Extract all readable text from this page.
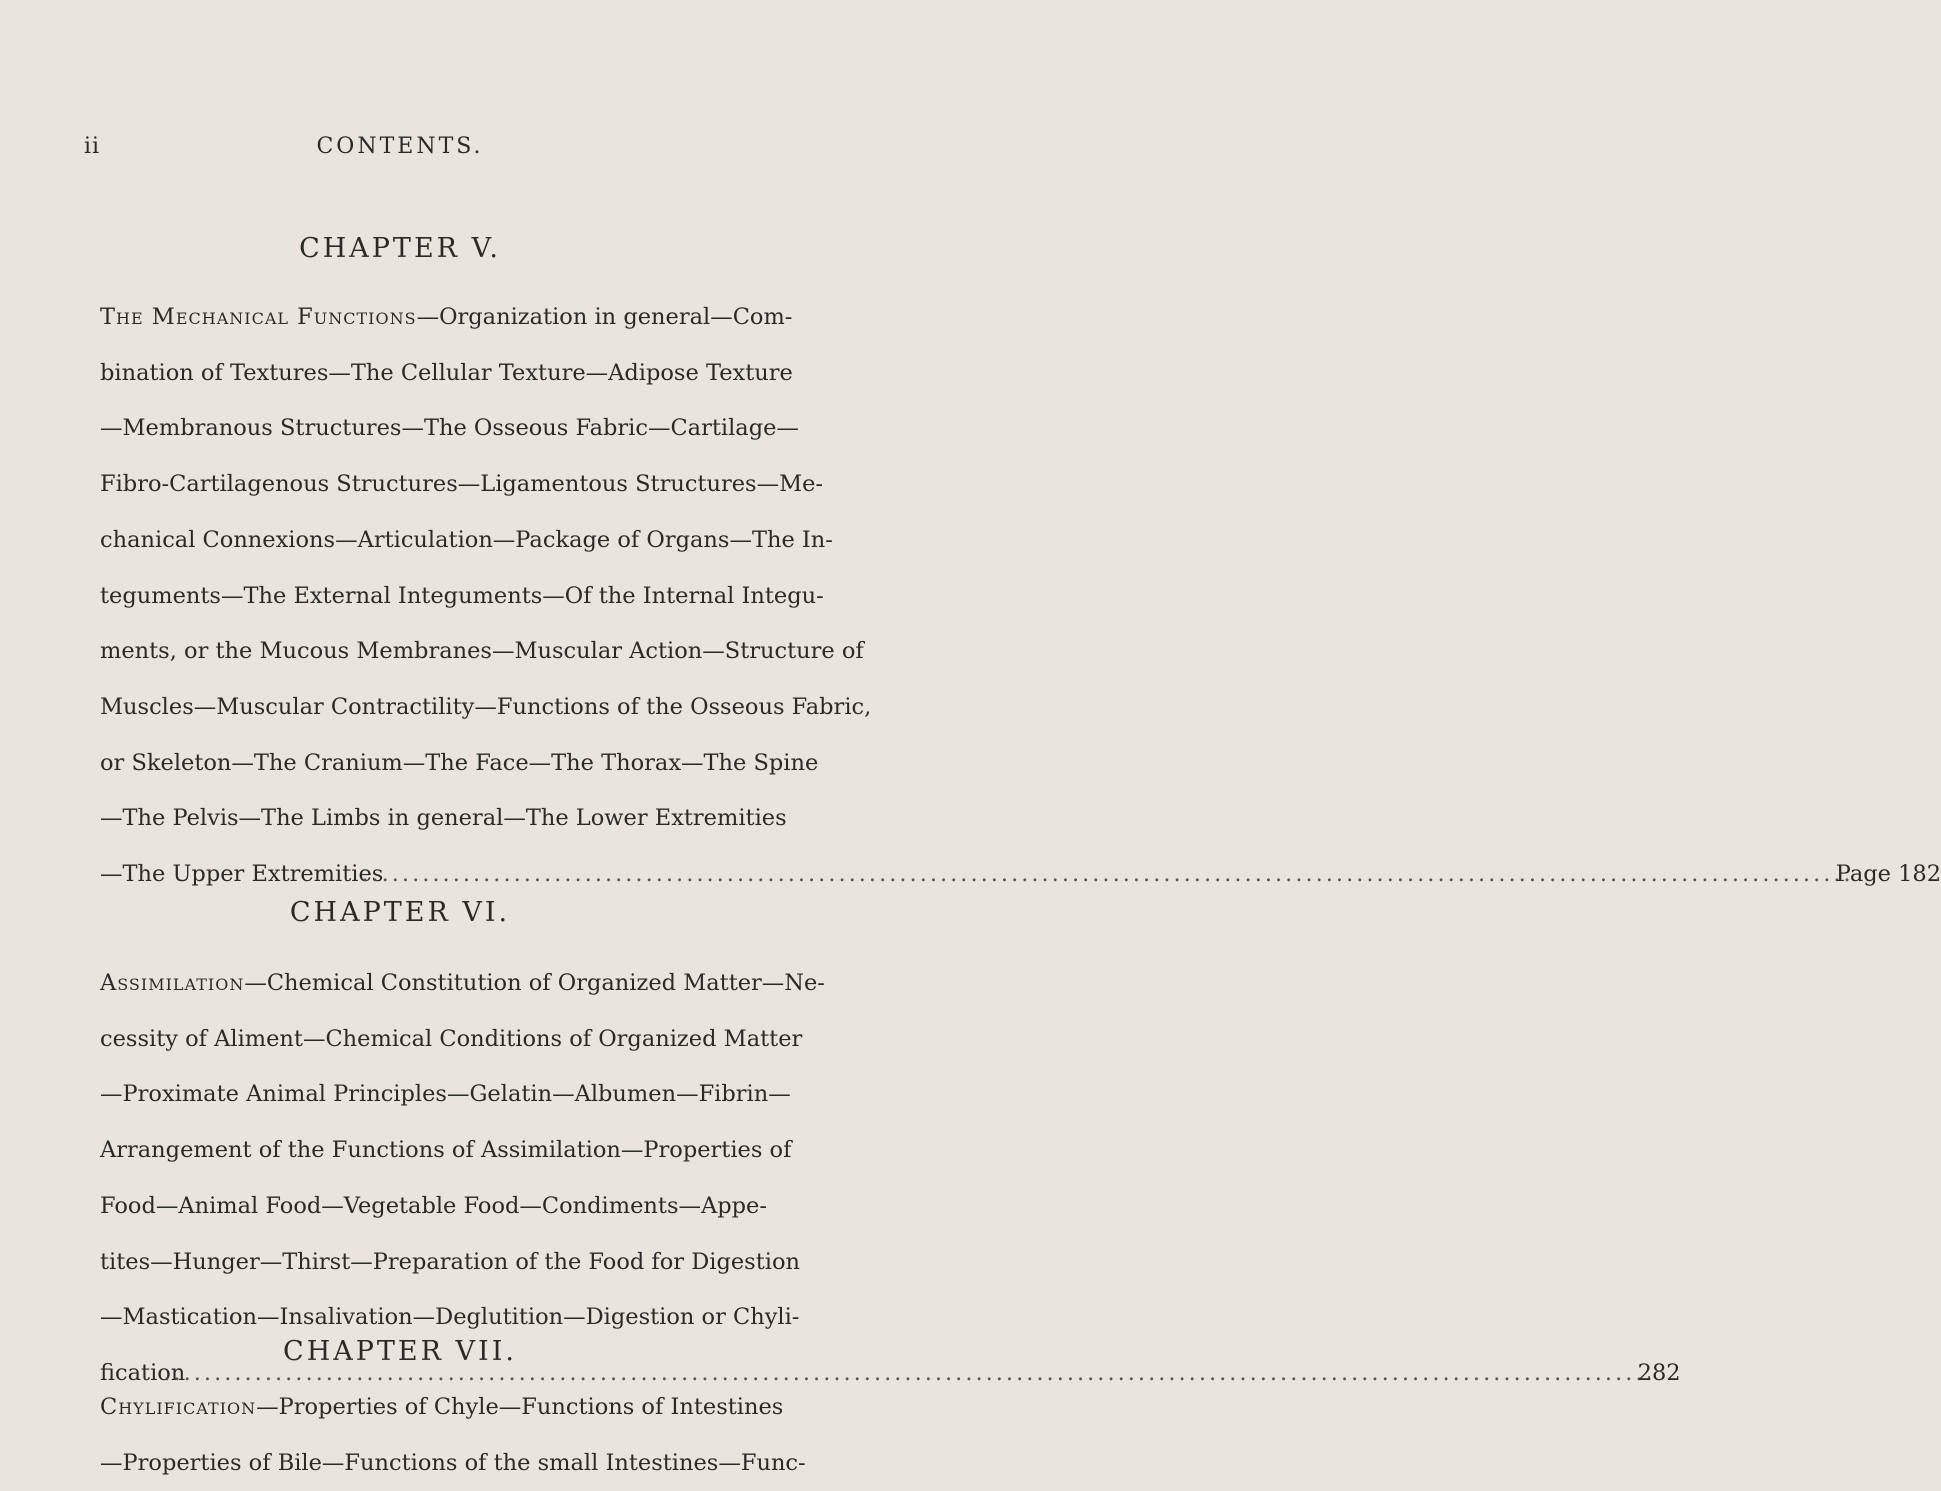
ii	CONTENTS.
CHAPTER V.
The Mechanical Functions—Organization in general—Com-
bination of Textures—The Cellular Texture—Adipose Texture
—Membranous Structures—The Osseous Fabric—Cartilage—
Fibro-Cartilagenous Structures—Ligamentous Structures—Me-
chanical Connexions—Articulation—Package of Organs—The In-
teguments—The External Integuments—Of the Internal Integu-
ments, or the Mucous Membranes—Muscular Action—Structure of
Muscles—Muscular Contractility—Functions of the Osseous Fabric,
or Skeleton—The Cranium—The Face—The Thorax—The Spine
—The Pelvis—The Limbs in general—The Lower Extremities
—The Upper Extremities .....	Page 182
CHAPTER VI.
Assimilation—Chemical Constitution of Organized Matter—Ne-
cessity of Aliment—Chemical Conditions of Organized Matter
—Proximate Animal Principles—Gelatin—Albumen—Fibrin—
Arrangement of the Functions of Assimilation—Properties of
Food—Animal Food—Vegetable Food—Condiments—Appe-
tites—Hunger—Thirst—Preparation of the Food for Digestion
—Mastication—Insalivation—Deglutition—Digestion or Chyli-
fication .....	282
CHAPTER VII.
Chylification—Properties of Chyle—Functions of Intestines
—Properties of Bile—Functions of the small Intestines—Func-
